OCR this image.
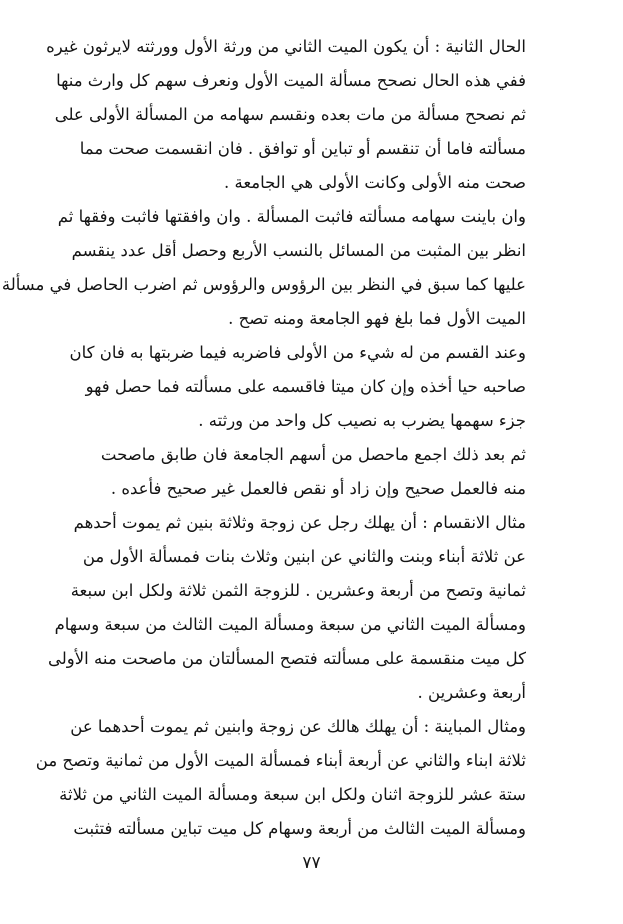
الحال الثانية : أن يكون الميت الثاني من ورثة الأول وورثته لايرثون غيره
ففي هذه الحال نصحح مسألة الميت الأول ونعرف سهم كل وارث منها
ثم نصحح مسألة من مات بعده ونقسم سهامه من المسألة الأولى على
مسألته فاما أن تنقسم أو تباين أو توافق . فان انقسمت صحت مما
صحت منه الأولى وكانت الأولى هي الجامعة .
وان باينت سهامه مسألته فاثبت المسألة . وان وافقتها فاثبت وفقها ثم
انظر بين المثبت من المسائل بالنسب الأربع وحصل أقل عدد ينقسم
عليها كما سبق في النظر بين الرؤوس والرؤوس ثم اضرب الحاصل في مسألة
الميت الأول فما بلغ فهو الجامعة ومنه تصح .
وعند القسم من له شيء من الأولى فاضربه فيما ضربتها به فان كان
صاحبه حيا أخذه وإن كان ميتا فاقسمه على مسألته فما حصل فهو
جزء سهمها يضرب به نصيب كل واحد من ورثته .
ثم بعد ذلك اجمع ماحصل من أسهم الجامعة فان طابق ماصحت
منه فالعمل صحيح وإن زاد أو نقص فالعمل غير صحيح فأعده .
مثال الانقسام : أن يهلك رجل عن زوجة وثلاثة بنين ثم يموت أحدهم
عن ثلاثة أبناء وبنت والثاني عن ابنين وثلاث بنات فمسألة الأول من
ثمانية وتصح من أربعة وعشرين . للزوجة الثمن ثلاثة ولكل ابن سبعة
ومسألة الميت الثاني من سبعة ومسألة الميت الثالث من سبعة وسهام
كل ميت منقسمة على مسألته فتصح المسألتان من ماصحت منه الأولى
أربعة وعشرين .
ومثال المباينة : أن يهلك هالك عن زوجة وابنين ثم يموت أحدهما عن
ثلاثة ابناء والثاني عن أربعة أبناء فمسألة الميت الأول من ثمانية وتصح من
ستة عشر للزوجة اثنان ولكل ابن سبعة ومسألة الميت الثاني من ثلاثة
ومسألة الميت الثالث من أربعة وسهام كل ميت تباين مسألته فتثبت
٧٧
